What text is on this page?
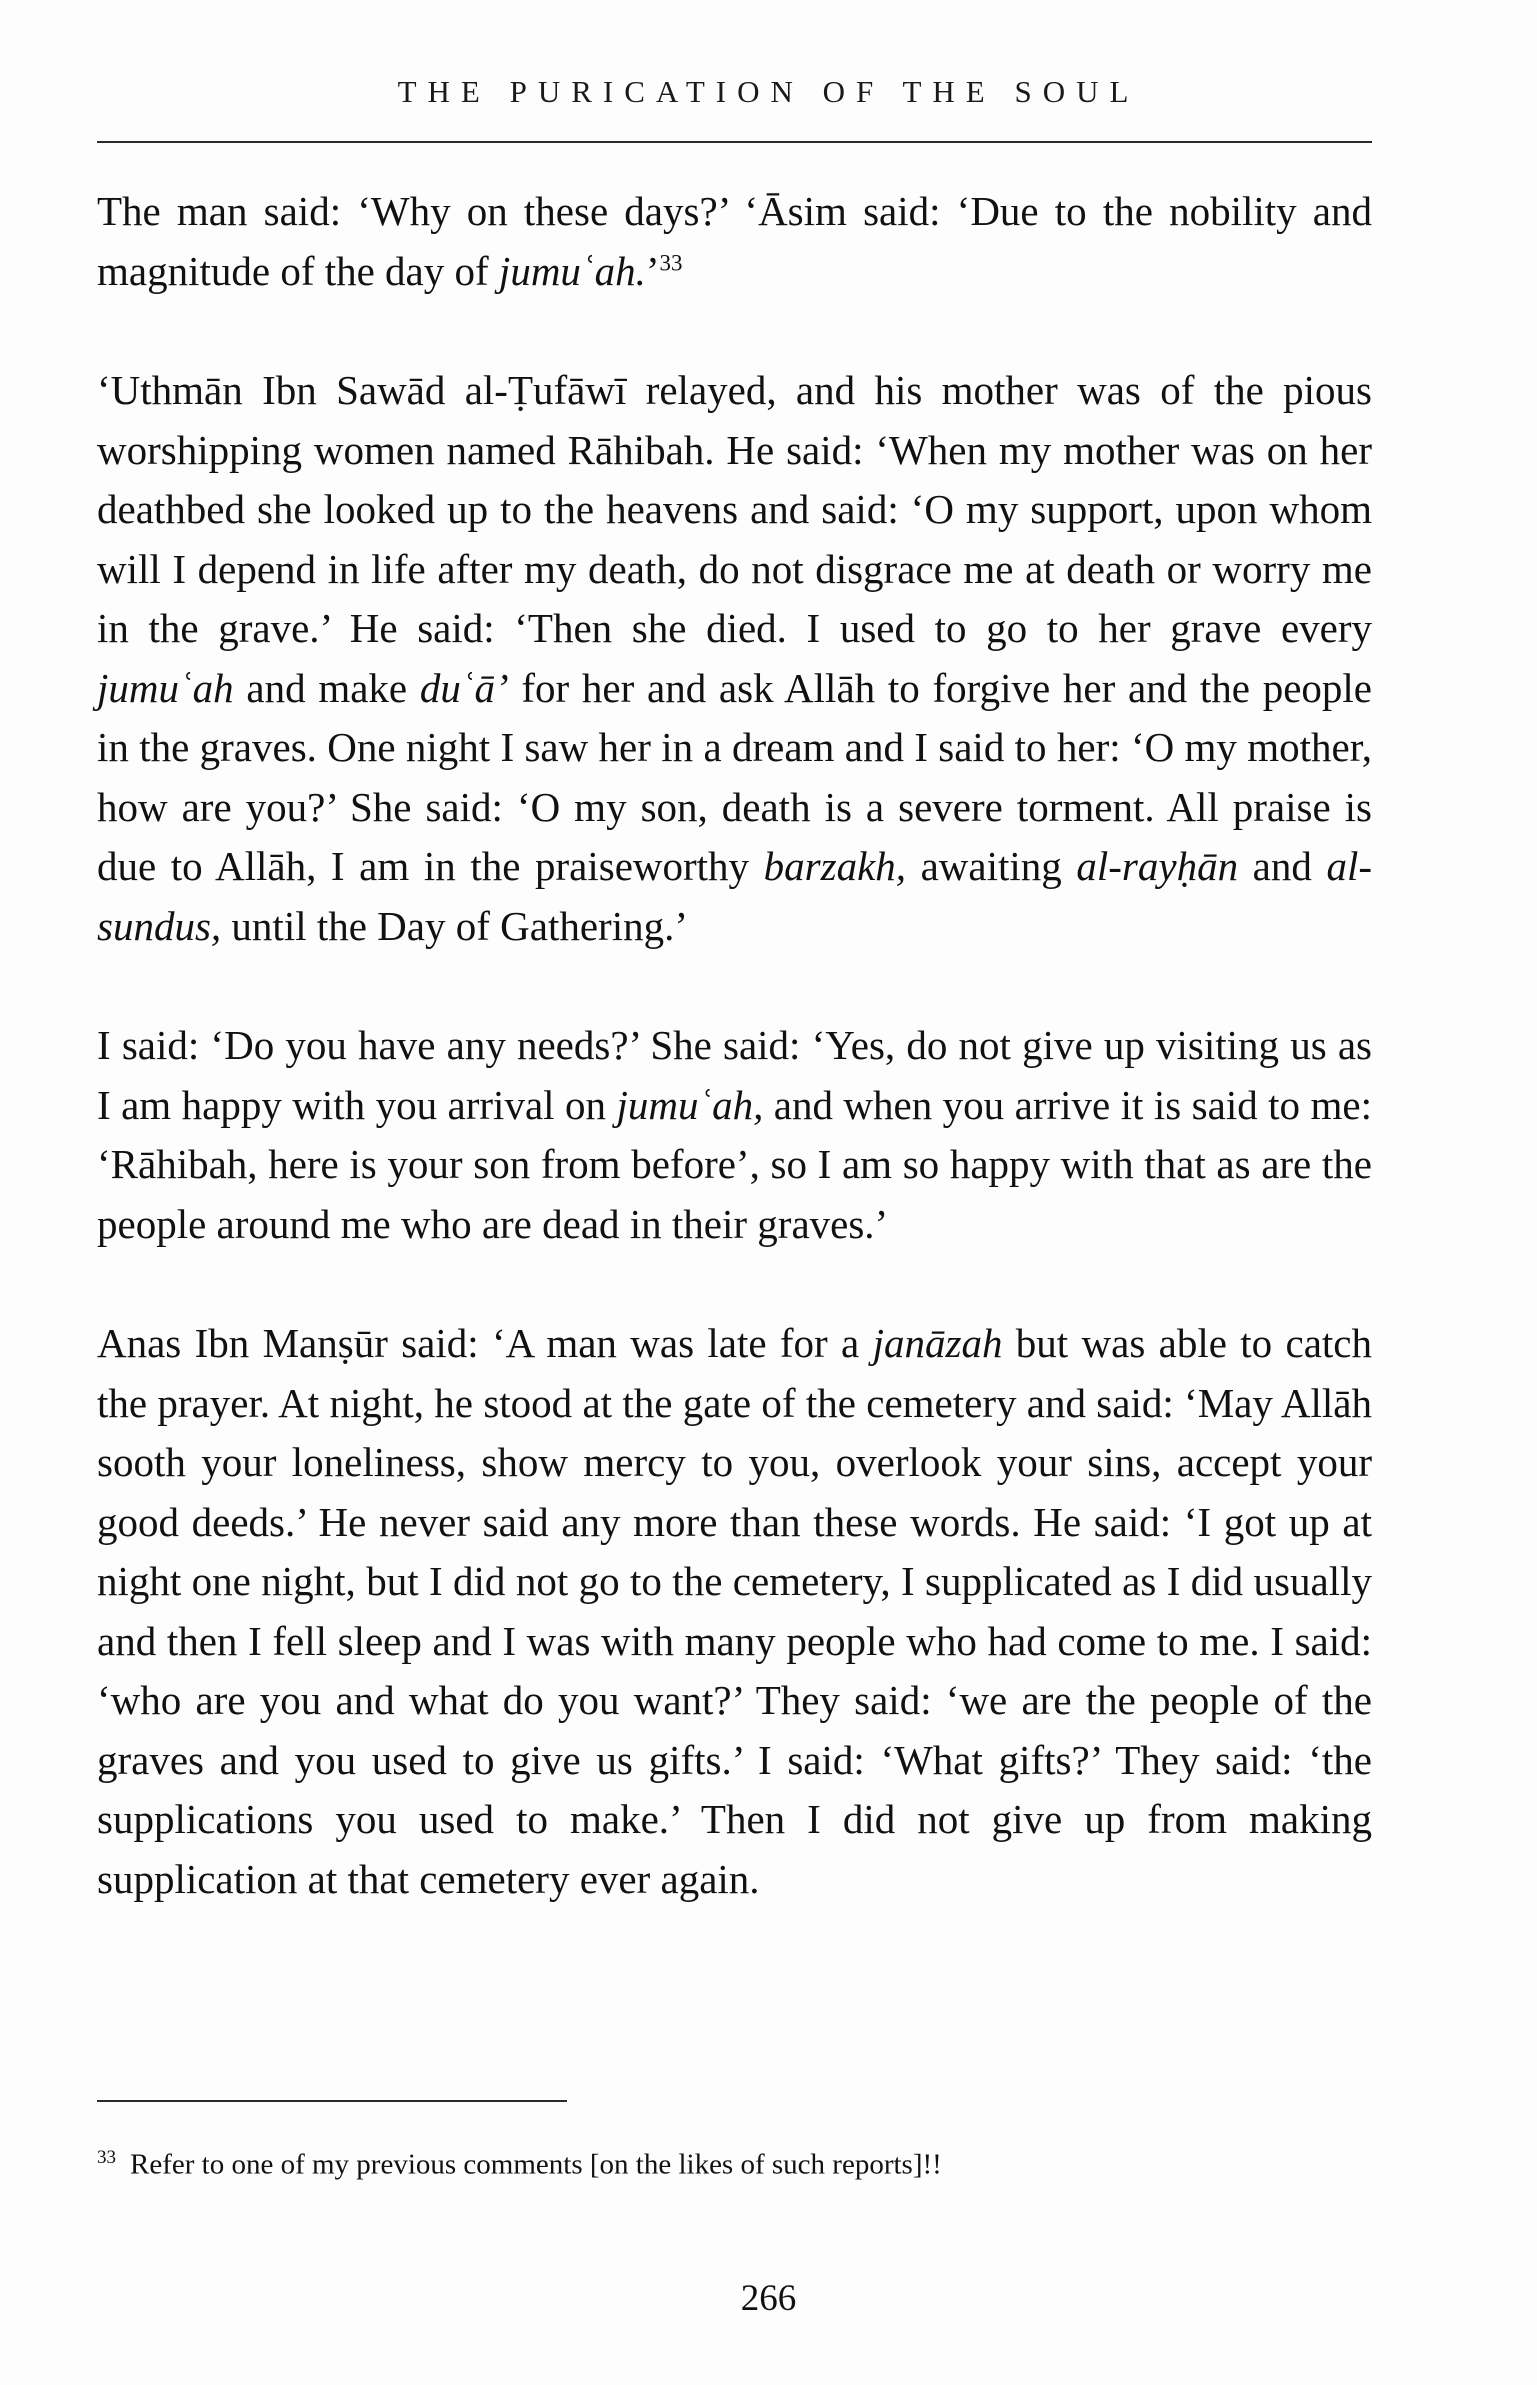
THE PURICATION OF THE SOUL

The man said: ‘Why on these days?’ ‘Āsim said: ‘Due to the nobility and magnitude of the day of jumuʿah.’$^{33}$

‘Uthmān Ibn Sawād al-Ṭufāwī relayed, and his mother was of the pious worshipping women named Rāhibah. He said: ‘When my mother was on her deathbed she looked up to the heavens and said: ‘O my support, upon whom will I depend in life after my death, do not disgrace me at death or worry me in the grave.’ He said: ‘Then she died. I used to go to her grave every jumuʿah and make duʿā’ for her and ask Allāh to forgive her and the people in the graves. One night I saw her in a dream and I said to her: ‘O my mother, how are you?’ She said: ‘O my son, death is a severe torment. All praise is due to Allāh, I am in the praiseworthy barzakh, awaiting al-rayḥān and al-sundus, until the Day of Gathering.’

I said: ‘Do you have any needs?’ She said: ‘Yes, do not give up visiting us as I am happy with you arrival on jumuʿah, and when you arrive it is said to me: ‘Rāhibah, here is your son from before’, so I am so happy with that as are the people around me who are dead in their graves.’

Anas Ibn Manṣūr said: ‘A man was late for a janāzah but was able to catch the prayer. At night, he stood at the gate of the cemetery and said: ‘May Allāh sooth your loneliness, show mercy to you, overlook your sins, accept your good deeds.’ He never said any more than these words. He said: ‘I got up at night one night, but I did not go to the cemetery, I supplicated as I did usually and then I fell sleep and I was with many people who had come to me. I said: ‘who are you and what do you want?’ They said: ‘we are the people of the graves and you used to give us gifts.’ I said: ‘What gifts?’ They said: ‘the supplications you used to make.’ Then I did not give up from making supplication at that cemetery ever again.

$^{33}$ Refer to one of my previous comments [on the likes of such reports]!!
266
